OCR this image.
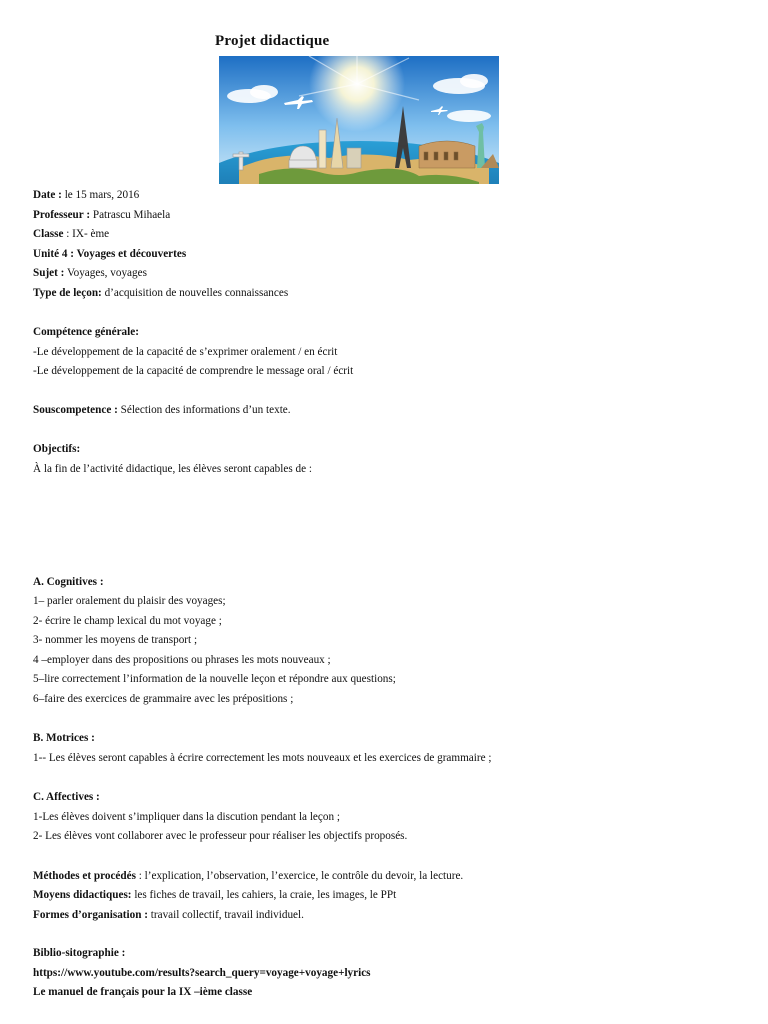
Projet didactique
Date : le 15 mars, 2016
Professeur : Patrascu Mihaela
Classe : IX- ème
Unité 4 : Voyages et découvertes
Sujet : Voyages, voyages
Type de leçon: d’acquisition de nouvelles connaissances
Compétence générale:
-Le développement de la capacité de s’exprimer oralement / en écrit
-Le développement de la capacité de comprendre le message oral / écrit
Souscompetence : Sélection des informations d’un texte.
Objectifs:
À la fin de l’activité didactique, les élèves seront capables de :
A. Cognitives :
1– parler oralement du plaisir des voyages;
2- écrire le champ lexical du mot voyage ;
3- nommer les moyens de transport ;
4 –employer dans des propositions ou phrases les mots nouveaux ;
5–lire correctement l’information de la nouvelle leçon et répondre aux questions;
6–faire des exercices de grammaire avec les prépositions ;
B. Motrices :
1-- Les élèves seront capables à écrire correctement les mots nouveaux et les exercices de grammaire ;
C. Affectives :
1-Les élèves doivent s’impliquer dans la discution pendant la leçon ;
2- Les élèves vont collaborer avec le professeur pour réaliser les objectifs proposés.
Méthodes et procédés : l’explication, l’observation, l’exercice, le contrôle du devoir, la lecture.
Moyens didactiques: les fiches de travail, les cahiers, la craie, les images, le PPt
Formes d’organisation : travail collectif, travail individuel.
Biblio-sitographie :
https://www.youtube.com/results?search_query=voyage+voyage+lyrics
Le manuel de français pour la IX –ième classe
